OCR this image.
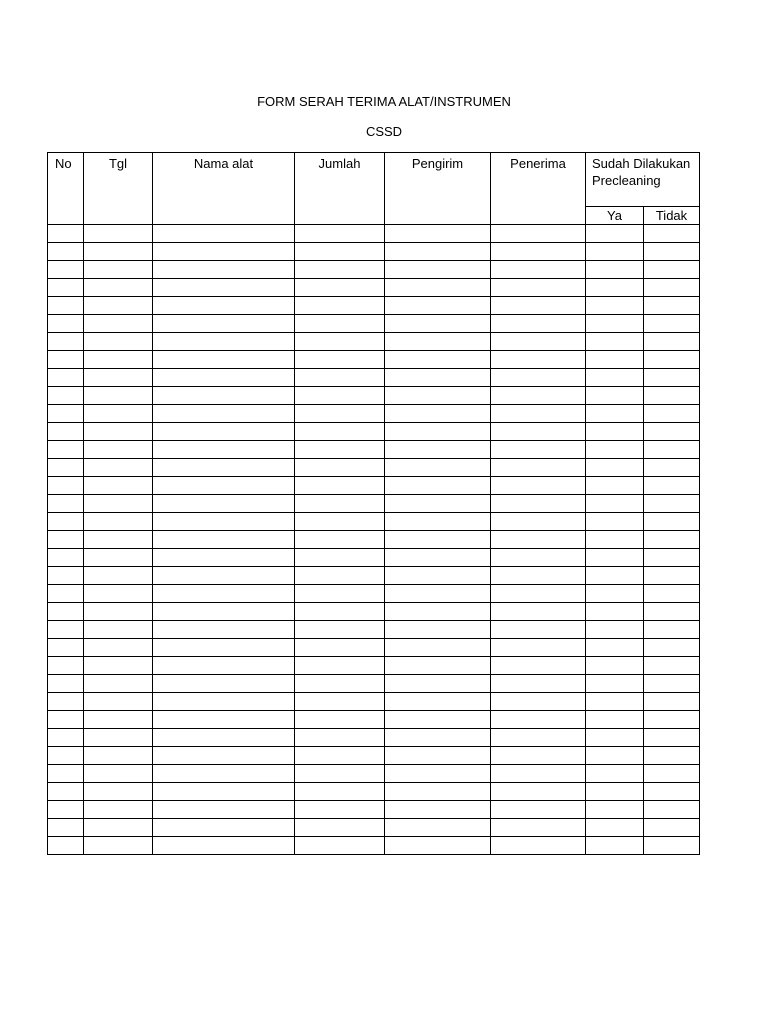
FORM SERAH TERIMA ALAT/INSTRUMEN
CSSD
No	Tgl	Nama alat	Jumlah	Pengirim	Penerima	Sudah Dilakukan Precleaning	
						Ya	Tidak
